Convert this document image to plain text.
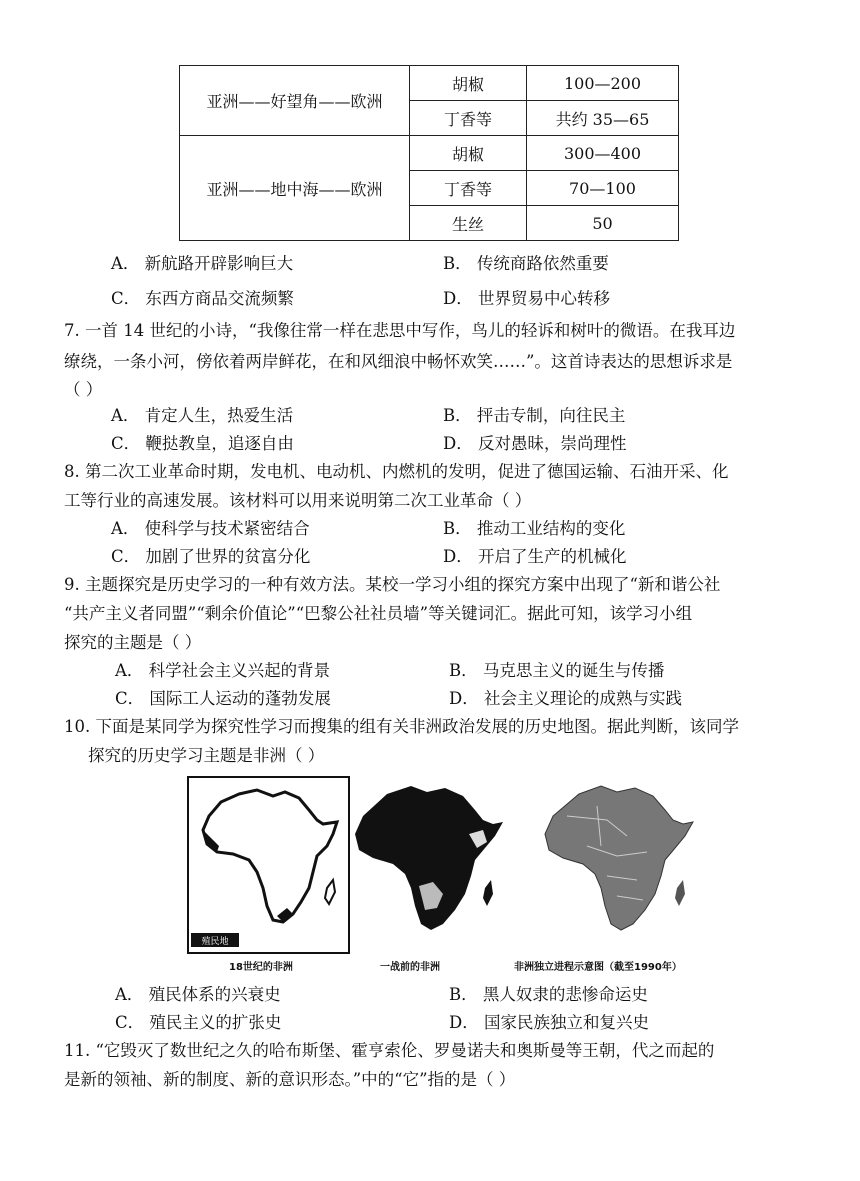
亚洲——好望角——欧洲	胡椒	100—200
	丁香等	共约 35—65
亚洲——地中海——欧洲	胡椒	300—400
	丁香等	70—100
	生丝	50
A． 新航路开辟影响巨大	B． 传统商路依然重要
C． 东西方商品交流频繁	D． 世界贸易中心转移
7. 一首 14 世纪的小诗，“我像往常一样在悲思中写作，鸟儿的轻诉和树叶的微语。在我耳边
缭绕，一条小河，傍依着两岸鲜花，在和风细浪中畅怀欢笑……”。这首诗表达的思想诉求是
（ ）
A． 肯定人生，热爱生活	B． 抨击专制，向往民主
C． 鞭挞教皇，追逐自由	D． 反对愚昧，崇尚理性
8. 第二次工业革命时期，发电机、电动机、内燃机的发明，促进了德国运输、石油开采、化
工等行业的高速发展。该材料可以用来说明第二次工业革命（ ）
A． 使科学与技术紧密结合	B． 推动工业结构的变化
C． 加剧了世界的贫富分化	D． 开启了生产的机械化
9. 主题探究是历史学习的一种有效方法。某校一学习小组的探究方案中出现了“新和谐公社
“共产主义者同盟”“剩余价值论”“巴黎公社社员墙”等关键词汇。据此可知，该学习小组
探究的主题是（ ）
A． 科学社会主义兴起的背景	B． 马克思主义的诞生与传播
C． 国际工人运动的蓬勃发展	D． 社会主义理论的成熟与实践
10. 下面是某同学为探究性学习而搜集的组有关非洲政治发展的历史地图。据此判断，该同学
探究的历史学习主题是非洲（ ）
殖民地
18世纪的非洲	一战前的非洲	非洲独立进程示意图（截至1990年）
A． 殖民体系的兴衰史	B． 黑人奴隶的悲惨命运史
C． 殖民主义的扩张史	D． 国家民族独立和复兴史
11. “它毁灭了数世纪之久的哈布斯堡、霍亨索伦、罗曼诺夫和奥斯曼等王朝，代之而起的
是新的领袖、新的制度、新的意识形态。”中的“它”指的是（ ）
